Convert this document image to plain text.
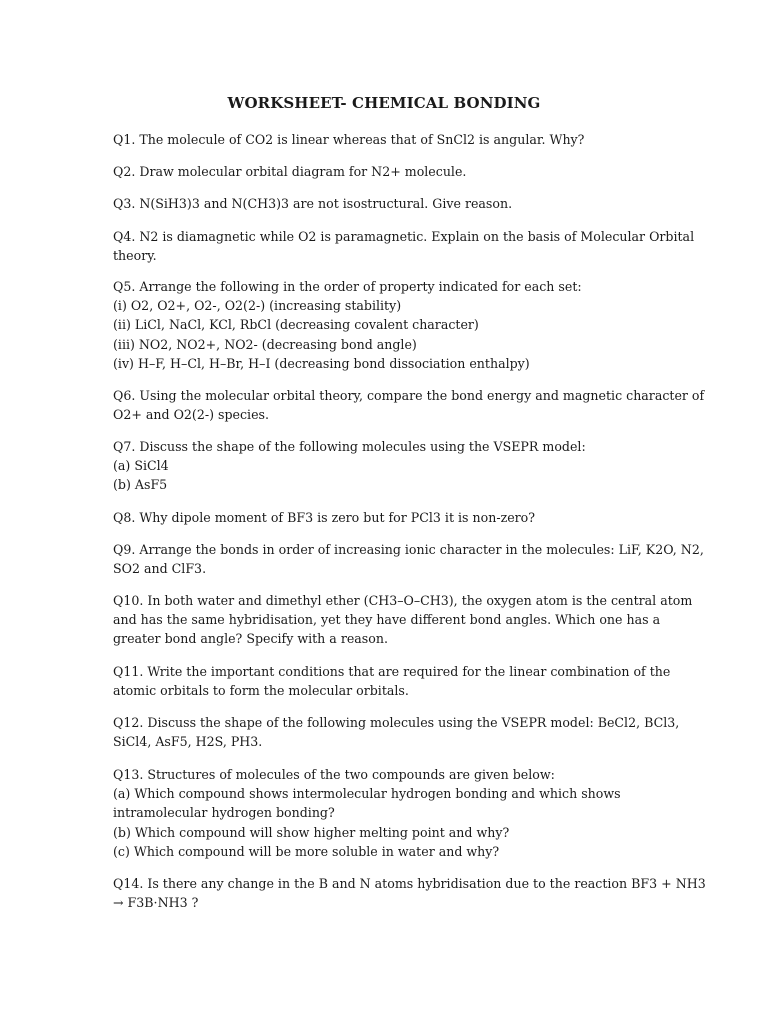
WORKSHEET- CHEMICAL BONDING
Q1. The molecule of CO2 is linear whereas that of SnCl2 is angular. Why?
Q2. Draw molecular orbital diagram for N2+ molecule.
Q3. N(SiH3)3 and N(CH3)3 are not isostructural. Give reason.
Q4. N2 is diamagnetic while O2 is paramagnetic. Explain on the basis of Molecular Orbital
theory.
Q5. Arrange the following in the order of property indicated for each set:
(i) O2, O2+, O2-, O2(2-) (increasing stability)
(ii) LiCl, NaCl, KCl, RbCl (decreasing covalent character)
(iii) NO2, NO2+, NO2- (decreasing bond angle)
(iv) H–F, H–Cl, H–Br, H–I (decreasing bond dissociation enthalpy)
Q6. Using the molecular orbital theory, compare the bond energy and magnetic character of
O2+ and O2(2-) species.
Q7. Discuss the shape of the following molecules using the VSEPR model:
(a) SiCl4
(b) AsF5
Q8. Why dipole moment of BF3 is zero but for PCl3 it is non-zero?
Q9. Arrange the bonds in order of increasing ionic character in the molecules: LiF, K2O, N2,
SO2 and ClF3.
Q10. In both water and dimethyl ether (CH3–O–CH3), the oxygen atom is the central atom
and has the same hybridisation, yet they have different bond angles. Which one has a
greater bond angle? Specify with a reason.
Q11. Write the important conditions that are required for the linear combination of the
atomic orbitals to form the molecular orbitals.
Q12. Discuss the shape of the following molecules using the VSEPR model: BeCl2, BCl3,
SiCl4, AsF5, H2S, PH3.
Q13. Structures of molecules of the two compounds are given below:
(a) Which compound shows intermolecular hydrogen bonding and which shows
intramolecular hydrogen bonding?
(b) Which compound will show higher melting point and why?
(c) Which compound will be more soluble in water and why?
Q14. Is there any change in the B and N atoms hybridisation due to the reaction BF3 + NH3
→ F3B·NH3 ?
